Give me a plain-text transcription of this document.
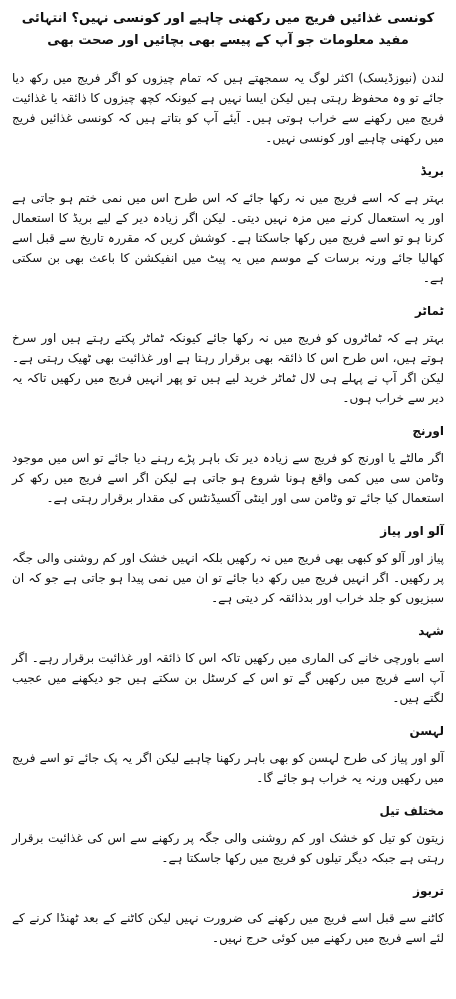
کونسی غذائیں فریج میں رکھنی چاہیے اور کونسی نہیں؟ انتہائی مفید معلومات جو آپ کے پیسے بھی بچائیں اور صحت بھی
لندن (نیوزڈیسک) اکثر لوگ یہ سمجھتے ہیں کہ تمام چیزوں کو اگر فریج میں رکھ دیا جائے تو وہ محفوظ رہتی ہیں لیکن ایسا نہیں ہے کیونکہ کچھ چیزوں کا ذائقہ یا غذائیت فریج میں رکھنے سے خراب ہوتی ہیں۔ آیئے آپ کو بتاتے ہیں کہ کونسی غذائیں فریج میں رکھنی چاہیے اور کونسی نہیں۔
بریڈ
بہتر ہے کہ اسے فریج میں نہ رکھا جائے کہ اس طرح اس میں نمی ختم ہو جاتی ہے اور یہ استعمال کرنے میں مزہ نہیں دیتی۔ لیکن اگر زیادہ دیر کے لیے بریڈ کا استعمال کرنا ہو تو اسے فریج میں رکھا جاسکتا ہے۔ کوشش کریں کہ مقررہ تاریخ سے قبل اسے کھالیا جائے ورنہ برسات کے موسم میں یہ پیٹ میں انفیکشن کا باعث بھی بن سکتی ہے۔
ٹماٹر
بہتر ہے کہ ٹماٹروں کو فریج میں نہ رکھا جائے کیونکہ ٹماٹر پکتے رہتے ہیں اور سرخ ہوتے ہیں، اس طرح اس کا ذائقہ بھی برقرار رہتا ہے اور غذائیت بھی ٹھیک رہتی ہے۔ لیکن اگر آپ نے پہلے ہی لال ٹماٹر خرید لیے ہیں تو پھر انہیں فریج میں رکھیں تاکہ یہ دیر سے خراب ہوں۔
اورنج
اگر مالٹے یا اورنج کو فریج سے زیادہ دیر تک باہر پڑے رہنے دیا جائے تو اس میں موجود وٹامن سی میں کمی واقع ہونا شروع ہو جاتی ہے لیکن اگر اسے فریج میں رکھ کر استعمال کیا جائے تو وٹامن سی اور اینٹی آکسیڈنٹس کی مقدار برقرار رہتی ہے۔
آلو اور پیاز
پیاز اور آلو کو کبھی بھی فریج میں نہ رکھیں بلکہ انہیں خشک اور کم روشنی والی جگہ پر رکھیں۔ اگر انہیں فریج میں رکھ دیا جائے تو ان میں نمی پیدا ہو جاتی ہے جو کہ ان سبزیوں کو جلد خراب اور بدذائقہ کر دیتی ہے۔
شہد
اسے باورچی خانے کی الماری میں رکھیں تاکہ اس کا ذائقہ اور غذائیت برقرار رہے۔ اگر آپ اسے فریج میں رکھیں گے تو اس کے کرسٹل بن سکتے ہیں جو دیکھنے میں عجیب لگتے ہیں۔
لہسن
آلو اور پیاز کی طرح لہسن کو بھی باہر رکھنا چاہیے لیکن اگر یہ پک جائے تو اسے فریج میں رکھیں ورنہ یہ خراب ہو جائے گا۔
مختلف تیل
زیتون کو تیل کو خشک اور کم روشنی والی جگہ پر رکھنے سے اس کی غذائیت برقرار رہتی ہے جبکہ دیگر تیلوں کو فریج میں رکھا جاسکتا ہے۔
تربوز
کاٹنے سے قبل اسے فریج میں رکھنے کی ضرورت نہیں لیکن کاٹنے کے بعد ٹھنڈا کرنے کے لئے اسے فریج میں رکھنے میں کوئی حرج نہیں۔
